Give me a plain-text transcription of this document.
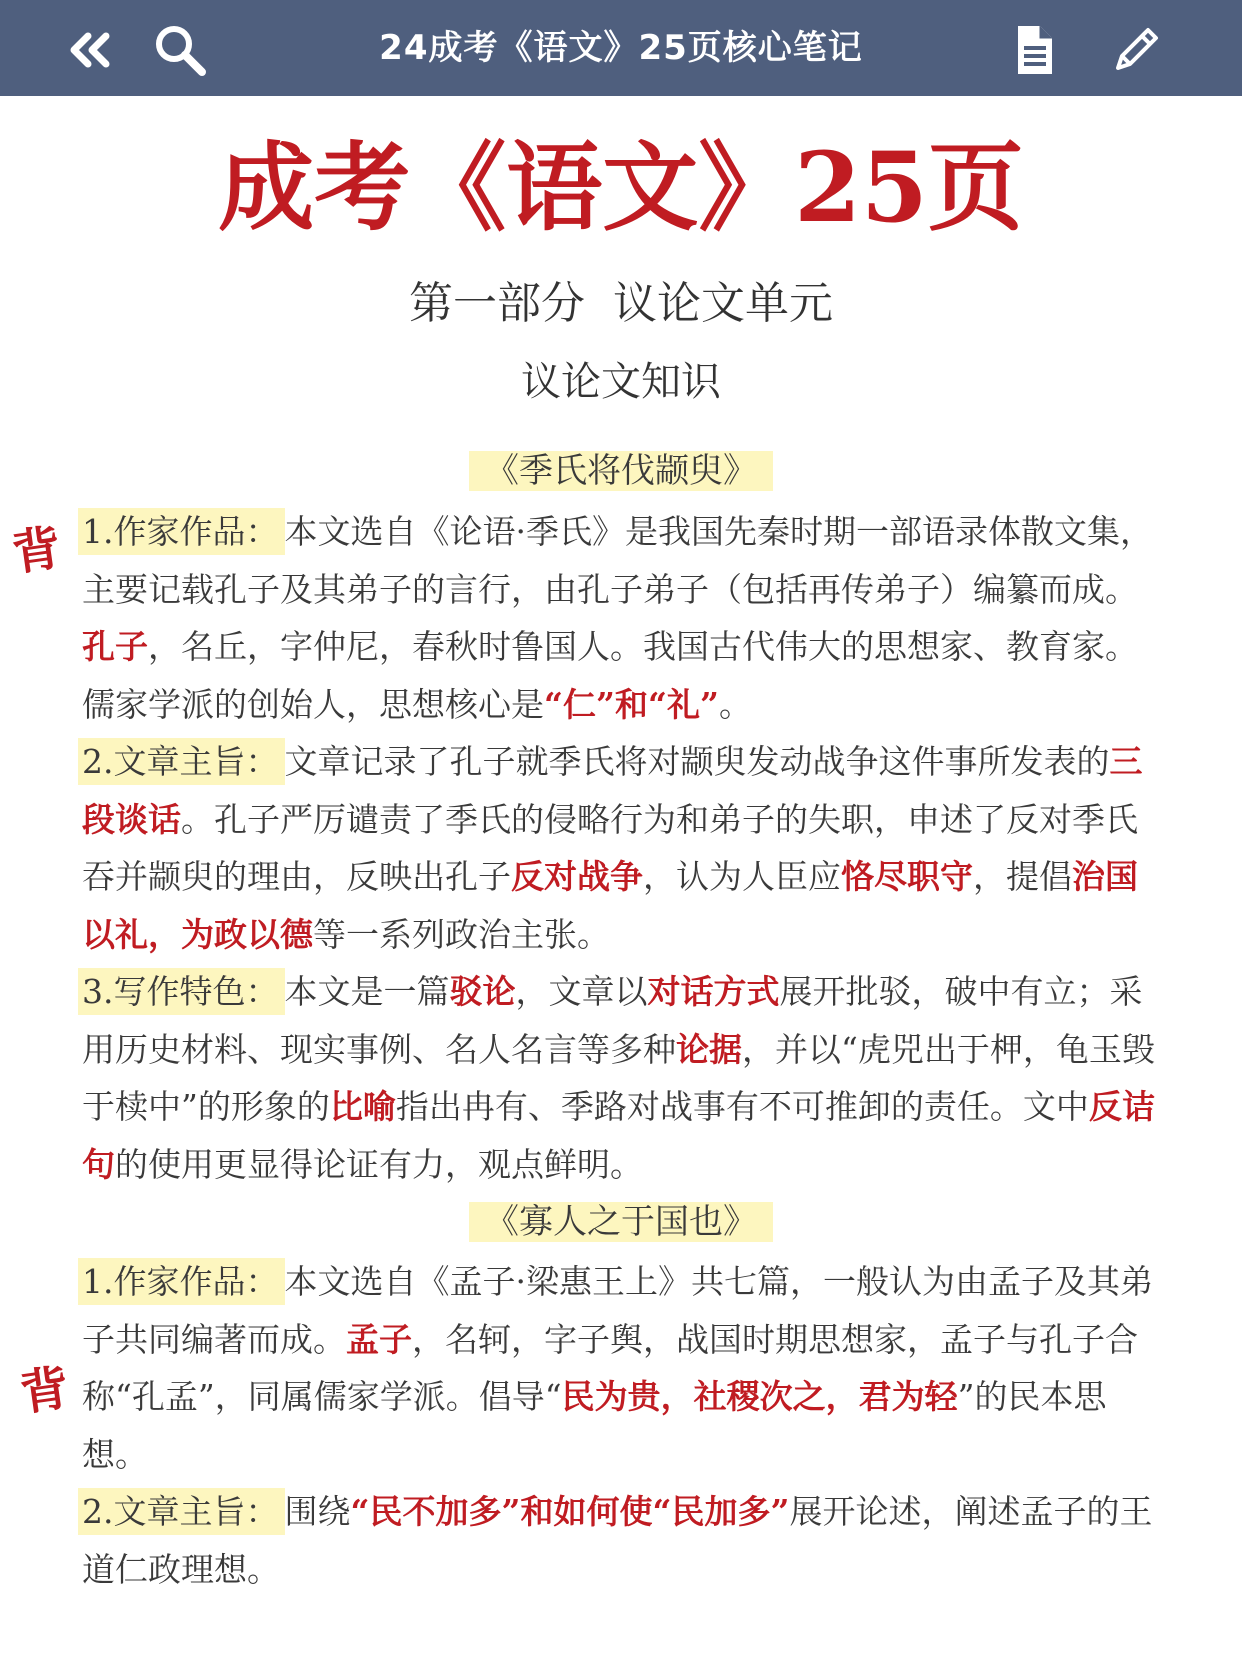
24成考《语文》25页核心笔记
成考《语文》25页
第一部分  议论文单元
议论文知识
《季氏将伐颛臾》
背 1.作家作品： 本文选自《论语·季氏》是我国先秦时期一部语录体散文集，主要记载孔子及其弟子的言行，由孔子弟子（包括再传弟子）编纂而成。孔子，名丘，字仲尼，春秋时鲁国人。我国古代伟大的思想家、教育家。儒家学派的创始人，思想核心是“仁”和“礼”。

2.文章主旨： 文章记录了孔子就季氏将对颛臾发动战争这件事所发表的三段谈话。孔子严厉谴责了季氏的侵略行为和弟子的失职，申述了反对季氏吞并颛臾的理由，反映出孔子反对战争，认为人臣应恪尽职守，提倡治国以礼，为政以德等一系列政治主张。

3.写作特色： 本文是一篇驳论，文章以对话方式展开批驳，破中有立；采用历史材料、现实事例、名人名言等多种论据，并以“虎兕出于柙，龟玉毁于椟中”的形象的比喻指出冉有、季路对战事有不可推卸的责任。文中反诘句的使用更显得论证有力，观点鲜明。

《寡人之于国也》
背

1.作家作品： 本文选自《孟子·梁惠王上》共七篇，一般认为由孟子及其弟子共同编著而成。孟子，名轲，字子舆，战国时期思想家，孟子与孔子合称“孔孟”，同属儒家学派。倡导“民为贵，社稷次之，君为轻”的民本思想。

2.文章主旨： 围绕“民不加多”和如何使“民加多”展开论述，阐述孟子的王道仁政理想。
